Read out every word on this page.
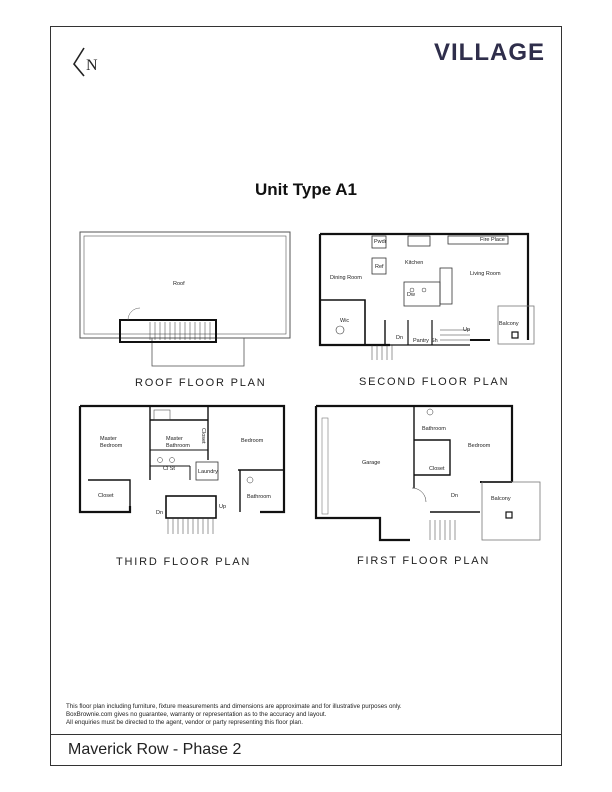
N	VILLAGE
Unit Type A1
Roof
Fire Place
Pwdr
Ref
Kitchen
Dining Room
Living Room
Dw
Wic	Balcony
Dn Pantry Sh
Up
Master Bedroom
Master Bathroom
Closet	Bedroom
Cl St	Laundry
Closet	Bathroom
Dn
Up
Bathroom
Bedroom
Garage
Closet
Dn	Balcony
ROOF FLOOR PLAN	SECOND FLOOR PLAN
THIRD FLOOR PLAN	FIRST FLOOR PLAN
This floor plan including furniture, fixture measurements and dimensions are approximate and for illustrative purposes only.
BoxBrownie.com gives no guarantee, warranty or representation as to the accuracy and layout.
All enquiries must be directed to the agent, vendor or party representing this floor plan.
Maverick Row - Phase 2
